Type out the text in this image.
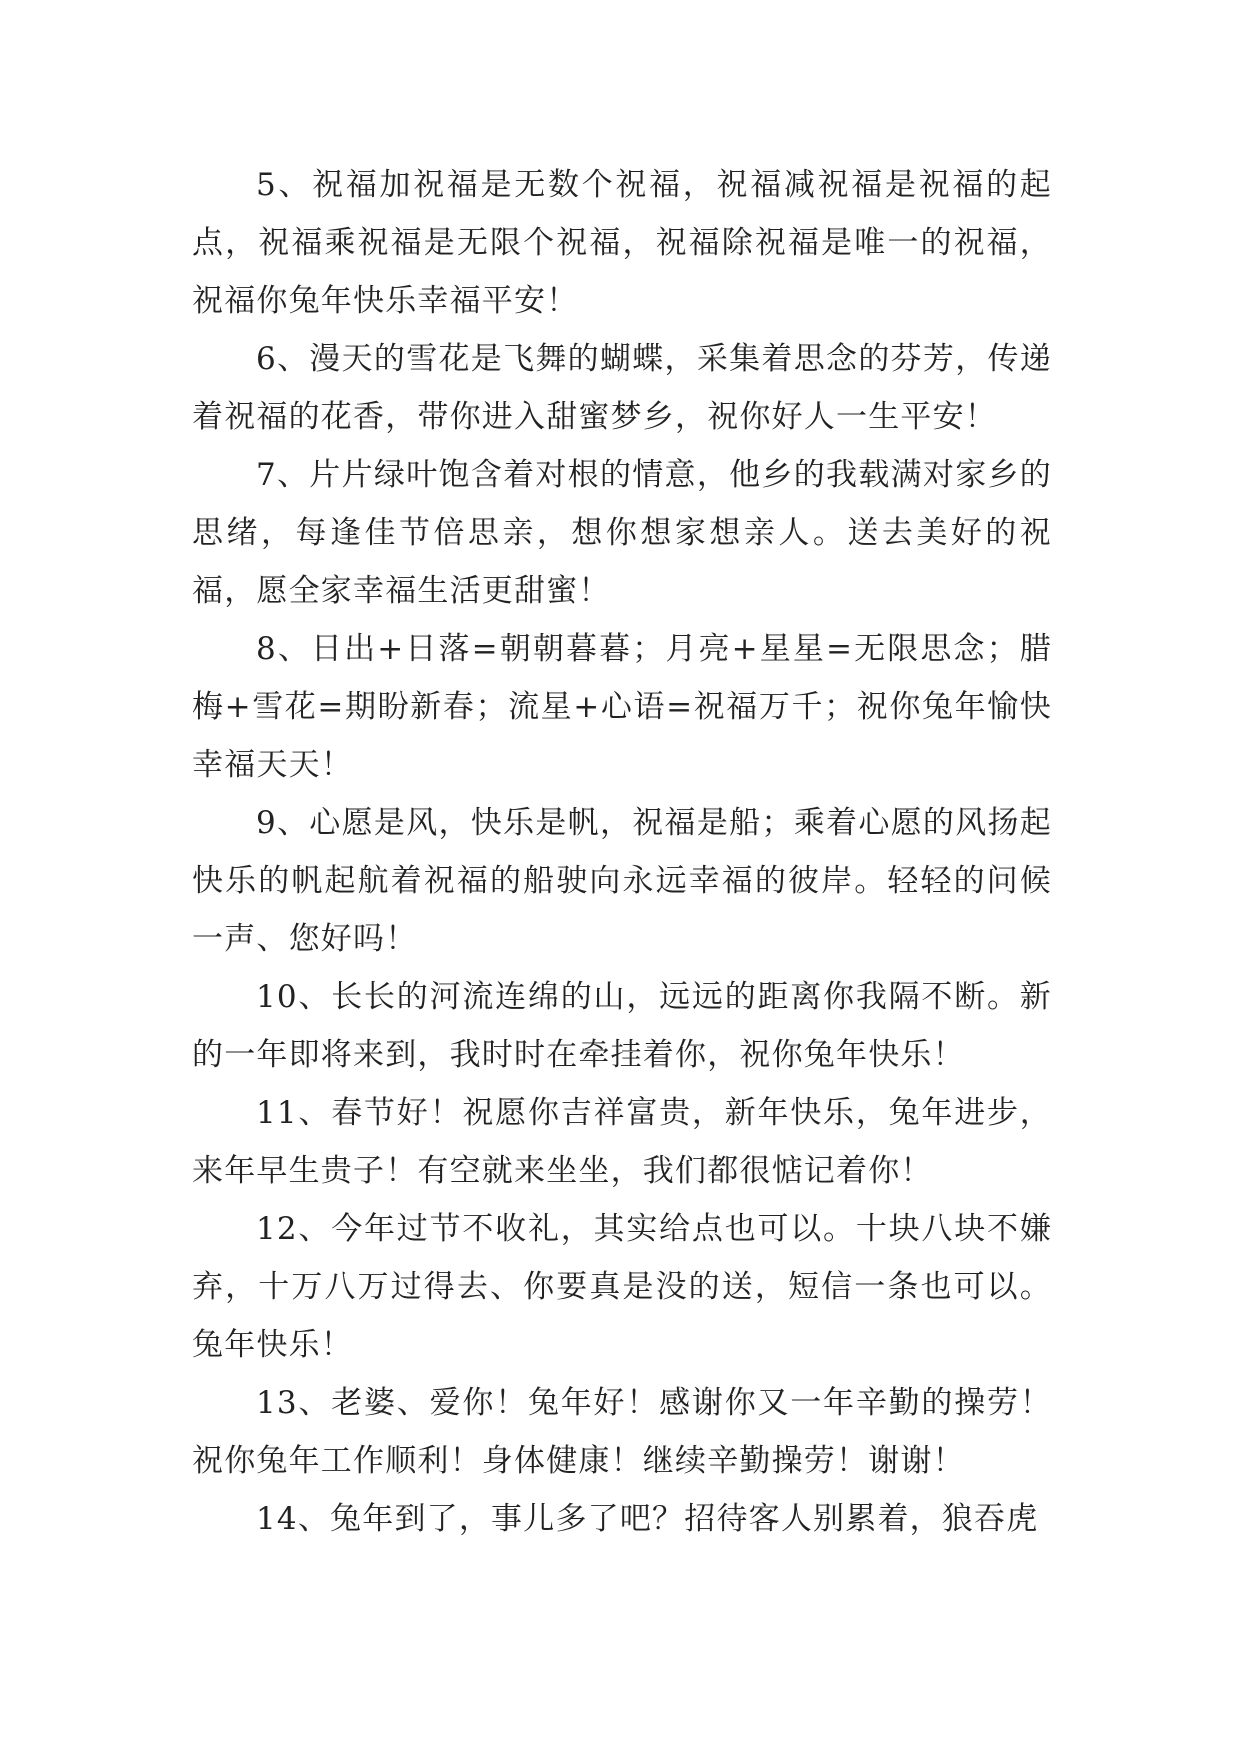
5、祝福加祝福是无数个祝福，祝福减祝福是祝福的起点，祝福乘祝福是无限个祝福，祝福除祝福是唯一的祝福，祝福你兔年快乐幸福平安！

6、漫天的雪花是飞舞的蝴蝶，采集着思念的芬芳，传递着祝福的花香，带你进入甜蜜梦乡，祝你好人一生平安！

7、片片绿叶饱含着对根的情意，他乡的我载满对家乡的思绪，每逢佳节倍思亲，想你想家想亲人。送去美好的祝福，愿全家幸福生活更甜蜜！

8、日出+日落=朝朝暮暮；月亮+星星=无限思念；腊梅+雪花=期盼新春；流星+心语=祝福万千；祝你兔年愉快幸福天天！

9、心愿是风，快乐是帆，祝福是船；乘着心愿的风扬起快乐的帆起航着祝福的船驶向永远幸福的彼岸。轻轻的问候一声、您好吗！

10、长长的河流连绵的山，远远的距离你我隔不断。新的一年即将来到，我时时在牵挂着你，祝你兔年快乐！

11、春节好！祝愿你吉祥富贵，新年快乐，兔年进步，来年早生贵子！有空就来坐坐，我们都很惦记着你！

12、今年过节不收礼，其实给点也可以。十块八块不嫌弃，十万八万过得去、你要真是没的送，短信一条也可以。兔年快乐！

13、老婆、爱你！兔年好！感谢你又一年辛勤的操劳！祝你兔年工作顺利！身体健康！继续辛勤操劳！谢谢！

14、兔年到了，事儿多了吧？招待客人别累着，狼吞虎
